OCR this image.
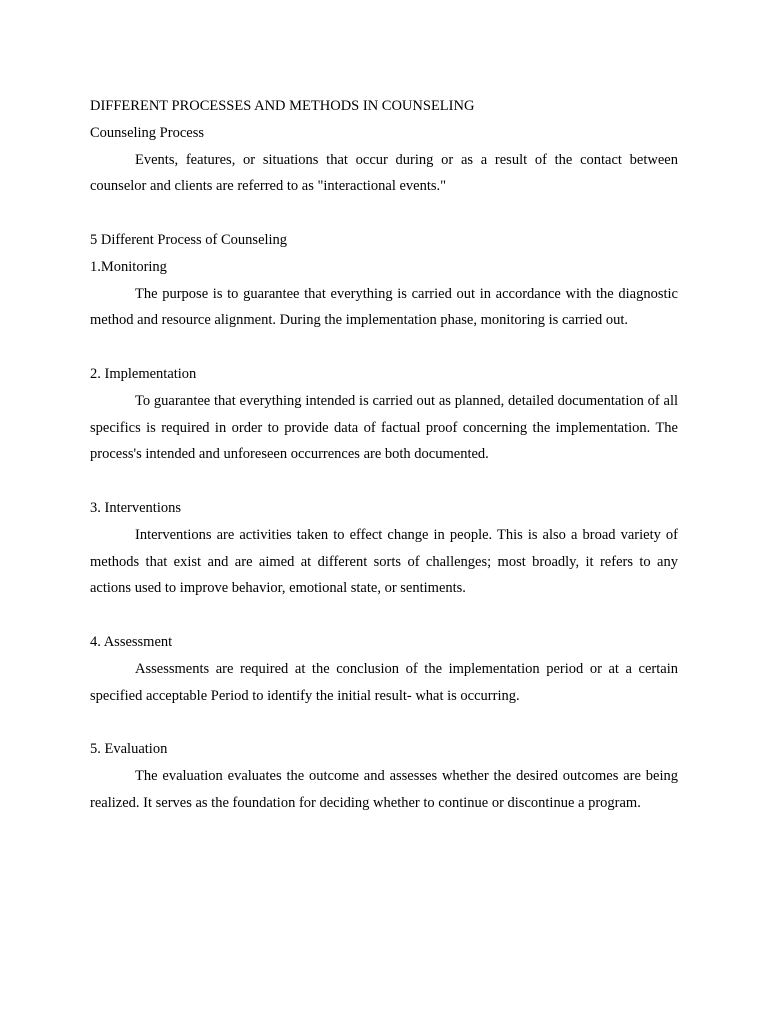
DIFFERENT PROCESSES AND METHODS IN COUNSELING

Counseling Process

Events, features, or situations that occur during or as a result of the contact between counselor and clients are referred to as "interactional events."

5 Different Process of Counseling

1.Monitoring

The purpose is to guarantee that everything is carried out in accordance with the diagnostic method and resource alignment. During the implementation phase, monitoring is carried out.

2. Implementation

To guarantee that everything intended is carried out as planned, detailed documentation of all specifics is required in order to provide data of factual proof concerning the implementation. The process's intended and unforeseen occurrences are both documented.

3. Interventions

Interventions are activities taken to effect change in people. This is also a broad variety of methods that exist and are aimed at different sorts of challenges; most broadly, it refers to any actions used to improve behavior, emotional state, or sentiments.

4. Assessment

Assessments are required at the conclusion of the implementation period or at a certain specified acceptable Period to identify the initial result- what is occurring.

5. Evaluation

The evaluation evaluates the outcome and assesses whether the desired outcomes are being realized. It serves as the foundation for deciding whether to continue or discontinue a program.
